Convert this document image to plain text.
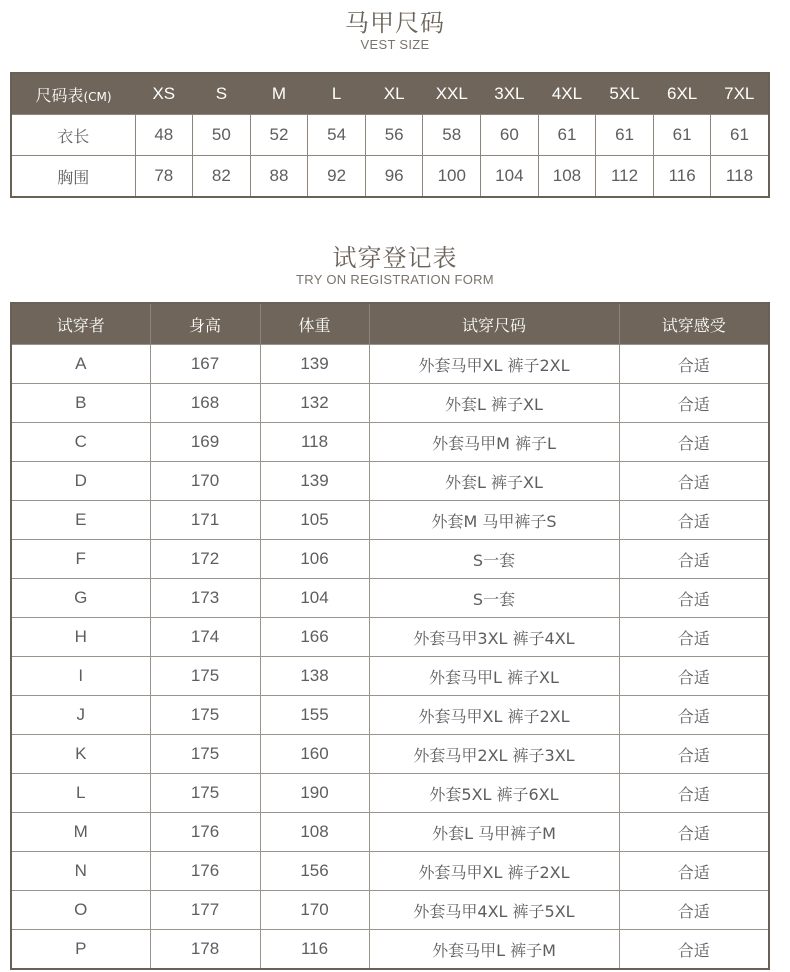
马甲尺码
VEST SIZE
尺码表(CM)	XS	S	M	L	XL	XXL	3XL	4XL	5XL	6XL	7XL
衣长	48	50	52	54	56	58	60	61	61	61	61
胸围	78	82	88	92	96	100	104	108	112	116	118
试穿登记表
TRY ON REGISTRATION FORM
试穿者	身高	体重	试穿尺码	试穿感受
A	167	139	外套马甲XL 裤子2XL	合适
B	168	132	外套L 裤子XL	合适
C	169	118	外套马甲M 裤子L	合适
D	170	139	外套L 裤子XL	合适
E	171	105	外套M 马甲裤子S	合适
F	172	106	S一套	合适
G	173	104	S一套	合适
H	174	166	外套马甲3XL 裤子4XL	合适
I	175	138	外套马甲L 裤子XL	合适
J	175	155	外套马甲XL 裤子2XL	合适
K	175	160	外套马甲2XL 裤子3XL	合适
L	175	190	外套5XL 裤子6XL	合适
M	176	108	外套L 马甲裤子M	合适
N	176	156	外套马甲XL 裤子2XL	合适
O	177	170	外套马甲4XL 裤子5XL	合适
P	178	116	外套马甲L 裤子M	合适
